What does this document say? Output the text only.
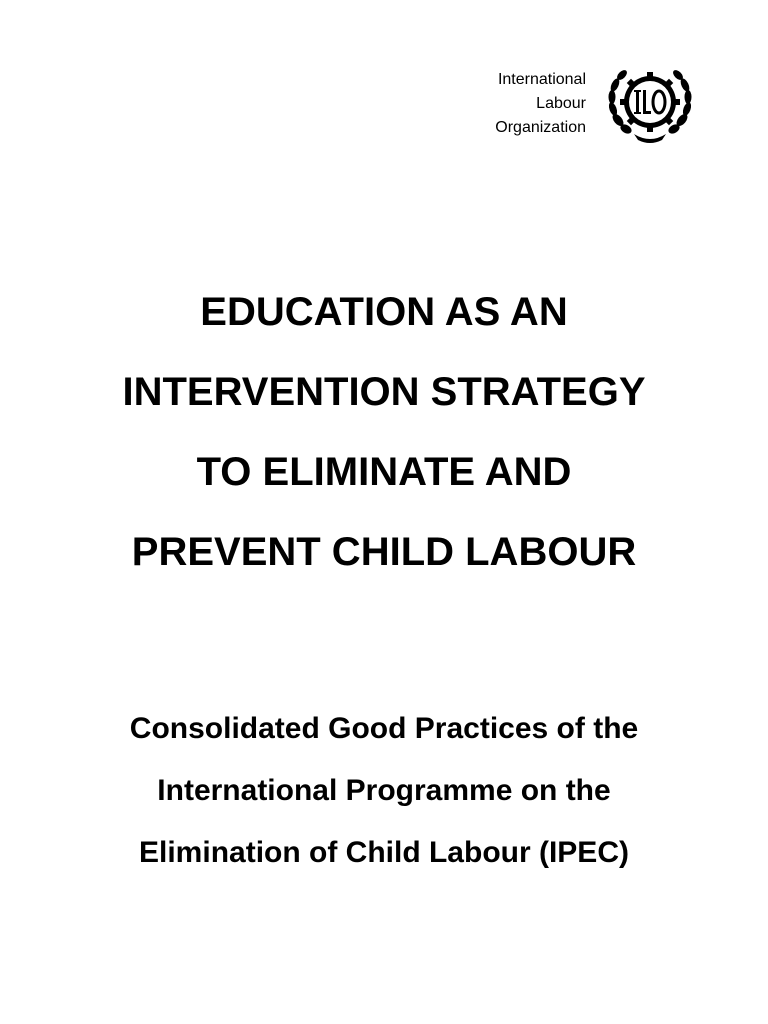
International
Labour
Organization
EDUCATION AS AN
INTERVENTION STRATEGY
TO ELIMINATE AND
PREVENT CHILD LABOUR
Consolidated Good Practices of the
International Programme on the
Elimination of Child Labour (IPEC)
